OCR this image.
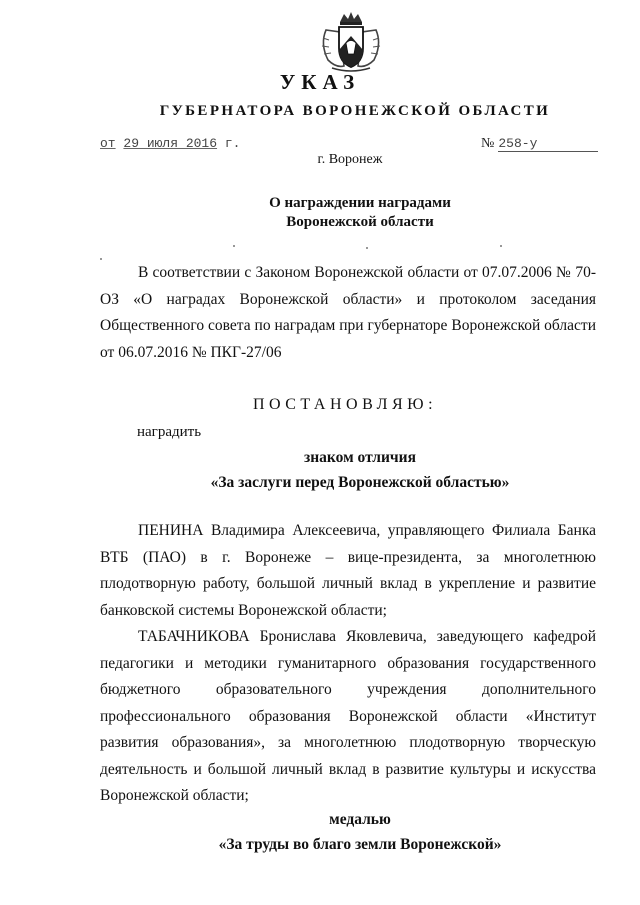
УКАЗ
ГУБЕРНАТОРА ВОРОНЕЖСКОЙ ОБЛАСТИ
от 29 июля 2016 г.	№ 258-у
г. Воронеж
О награждении наградами
Воронежской области
В соответствии с Законом Воронежской области от 07.07.2006 № 70-ОЗ «О наградах Воронежской области» и протоколом заседания Общественного совета по наградам при губернаторе Воронежской области от 06.07.2016 № ПКГ-27/06
ПОСТАНОВЛЯЮ:
наградить
знаком отличия
«За заслуги перед Воронежской областью»
ПЕНИНА Владимира Алексеевича, управляющего Филиала Банка ВТБ (ПАО) в г. Воронеже – вице-президента, за многолетнюю плодотворную работу, большой личный вклад в укрепление и развитие банковской системы Воронежской области;
ТАБАЧНИКОВА Бронислава Яковлевича, заведующего кафедрой педагогики и методики гуманитарного образования государственного бюджетного образовательного учреждения дополнительного профессионального образования Воронежской области «Институт развития образования», за многолетнюю плодотворную творческую деятельность и большой личный вклад в развитие культуры и искусства Воронежской области;
медалью
«За труды во благо земли Воронежской»
